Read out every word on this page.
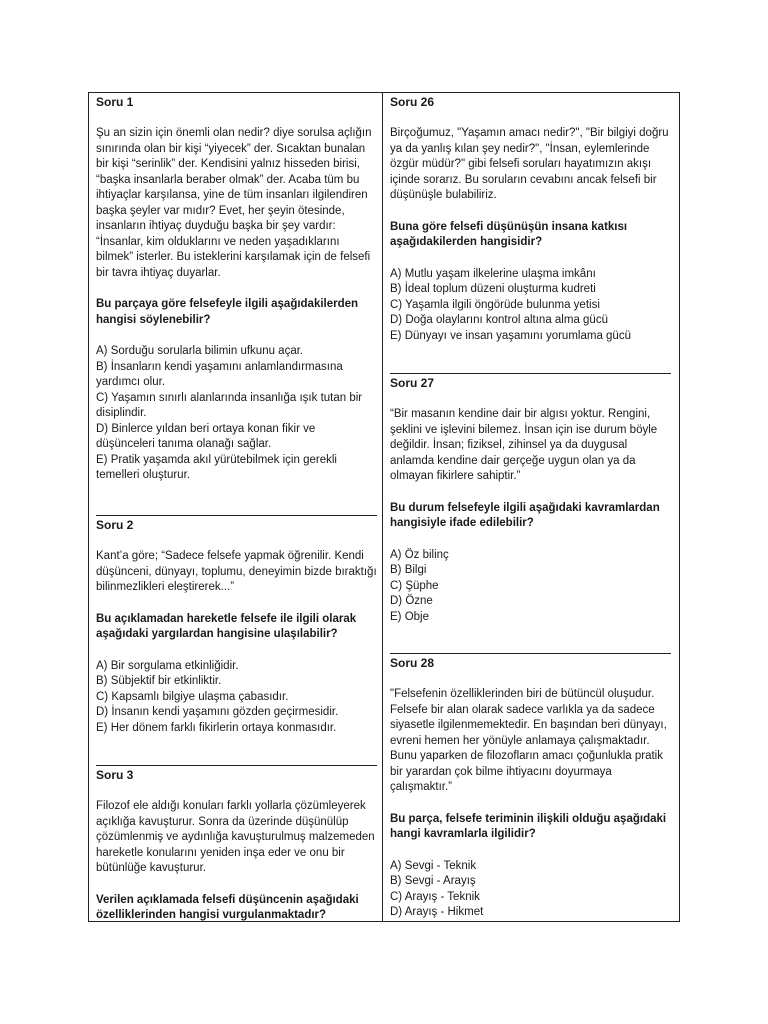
Soru 1
Şu an sizin için önemli olan nedir? diye sorulsa açlığın sınırında olan bir kişi “yiyecek” der. Sıcaktan bunalan bir kişi “serinlik” der. Kendisini yalnız hisseden birisi, “başka insanlarla beraber olmak” der. Acaba tüm bu ihtiyaçlar karşılansa, yine de tüm insanları ilgilendiren başka şeyler var mıdır? Evet, her şeyin ötesinde, insanların ihtiyaç duyduğu başka bir şey vardır: “İnsanlar, kim olduklarını ve neden yaşadıklarını bilmek” isterler. Bu isteklerini karşılamak için de felsefi bir tavra ihtiyaç duyarlar.
Bu parçaya göre felsefeyle ilgili aşağıdakilerden hangisi söylenebilir?
A) Sorduğu sorularla bilimin ufkunu açar.
B) İnsanların kendi yaşamını anlamlandırmasına yardımcı olur.
C) Yaşamın sınırlı alanlarında insanlığa ışık tutan bir disiplindir.
D) Binlerce yıldan beri ortaya konan fikir ve düşünceleri tanıma olanağı sağlar.
E) Pratik yaşamda akıl yürütebilmek için gerekli temelleri oluşturur.
Soru 2
Kant’a göre; “Sadece felsefe yapmak öğrenilir. Kendi düşünceni, dünyayı, toplumu, deneyimin bizde bıraktığı bilinmezlikleri eleştirerek...”
Bu açıklamadan hareketle felsefe ile ilgili olarak aşağıdaki yargılardan hangisine ulaşılabilir?
A) Bir sorgulama etkinliğidir.
B) Sübjektif bir etkinliktir.
C) Kapsamlı bilgiye ulaşma çabasıdır.
D) İnsanın kendi yaşamını gözden geçirmesidir.
E) Her dönem farklı fikirlerin ortaya konmasıdır.
Soru 3
Filozof ele aldığı konuları farklı yollarla çözümleyerek açıklığa kavuşturur. Sonra da üzerinde düşünülüp çözümlenmiş ve aydınlığa kavuşturulmuş malzemeden hareketle konularını yeniden inşa eder ve onu bir bütünlüğe kavuşturur.
Verilen açıklamada felsefi düşüncenin aşağıdaki özelliklerinden hangisi vurgulanmaktadır?
Soru 26
Birçoğumuz, "Yaşamın amacı nedir?", "Bir bilgiyi doğru ya da yanlış kılan şey nedir?", "İnsan, eylemlerinde özgür müdür?" gibi felsefi soruları hayatımızın akışı içinde sorarız. Bu soruların cevabını ancak felsefi bir düşünüşle bulabiliriz.
Buna göre felsefi düşünüşün insana katkısı aşağıdakilerden hangisidir?
A) Mutlu yaşam ilkelerine ulaşma imkânı
B) İdeal toplum düzeni oluşturma kudreti
C) Yaşamla ilgili öngörüde bulunma yetisi
D) Doğa olaylarını kontrol altına alma gücü
E) Dünyayı ve insan yaşamını yorumlama gücü
Soru 27
“Bir masanın kendine dair bir algısı yoktur. Rengini, şeklini ve işlevini bilemez. İnsan için ise durum böyle değildir. İnsan; fiziksel, zihinsel ya da duygusal anlamda kendine dair gerçeğe uygun olan ya da olmayan fikirlere sahiptir.”
Bu durum felsefeyle ilgili aşağıdaki kavramlardan hangisiyle ifade edilebilir?
A) Öz bilinç
B) Bilgi
C) Şüphe
D) Özne
E) Obje
Soru 28
"Felsefenin özelliklerinden biri de bütüncül oluşudur. Felsefe bir alan olarak sadece varlıkla ya da sadece siyasetle ilgilenmemektedir. En başından beri dünyayı, evreni hemen her yönüyle anlamaya çalışmaktadır. Bunu yaparken de filozofların amacı çoğunlukla pratik bir yarardan çok bilme ihtiyacını doyurmaya çalışmaktır.”
Bu parça, felsefe teriminin ilişkili olduğu aşağıdaki hangi kavramlarla ilgilidir?
A) Sevgi - Teknik
B) Sevgi - Arayış
C) Arayış - Teknik
D) Arayış - Hikmet
